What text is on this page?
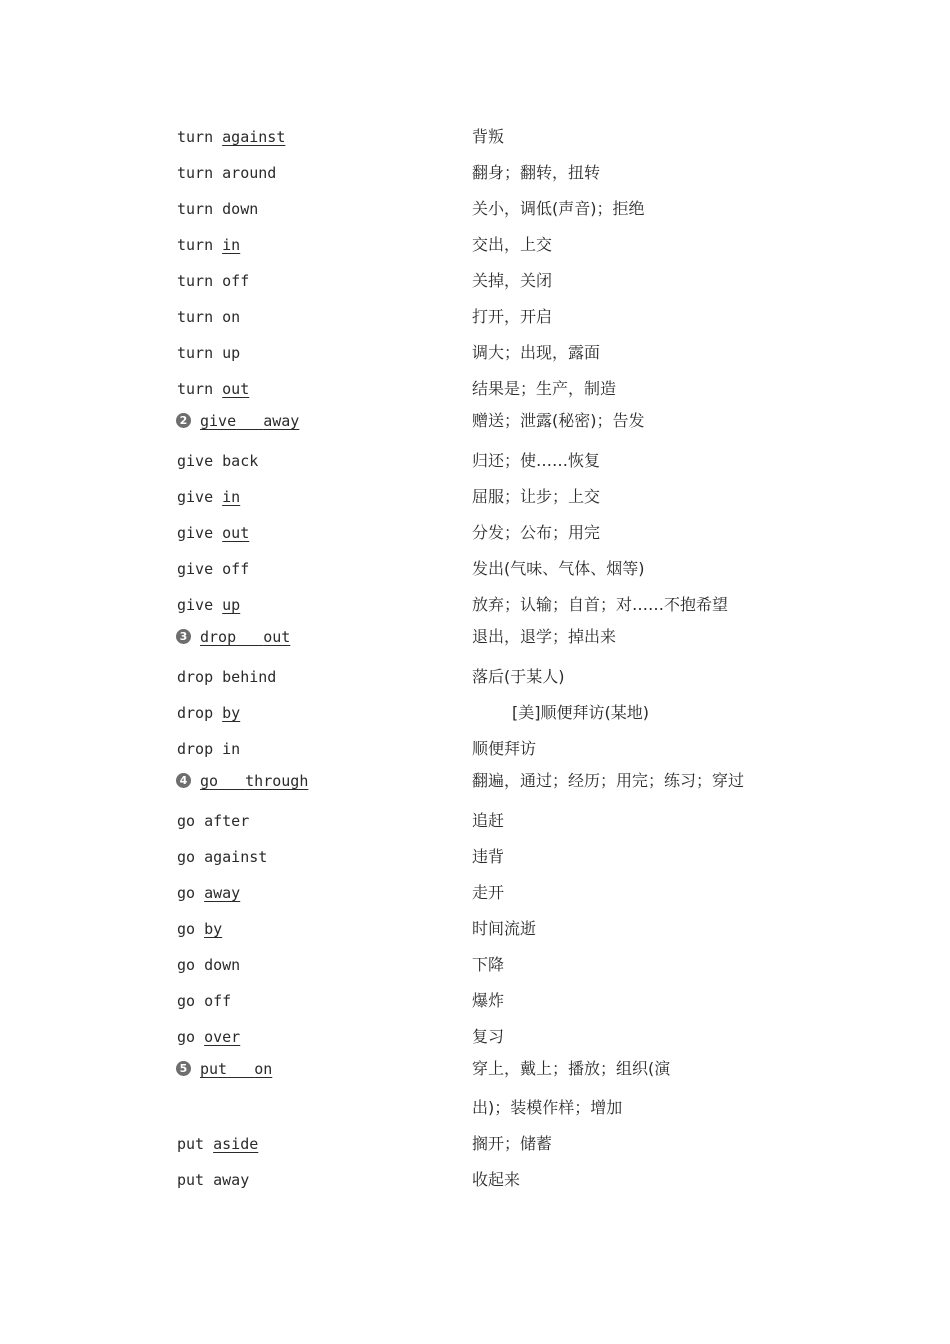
turn against	背叛
turn around	翻身；翻转，扭转
turn down	关小，调低(声音)；拒绝
turn in	交出，上交
turn off	关掉，关闭
turn on	打开，开启
turn up	调大；出现，露面
turn out	结果是；生产，制造
2 give away	赠送；泄露(秘密)；告发
give back	归还；使……恢复
give in	屈服；让步；上交
give out	分发；公布；用完
give off	发出(气味、气体、烟等)
give up	放弃；认输；自首；对……不抱希望
3 drop out	退出，退学；掉出来
drop behind	落后(于某人)
drop by	[美]顺便拜访(某地)
drop in	顺便拜访
4 go through	翻遍，通过；经历；用完；练习；穿过
go after	追赶
go against	违背
go away	走开
go by	时间流逝
go down	下降
go off	爆炸
go over	复习
5 put on	穿上，戴上；播放；组织(演
出)；装模作样；增加
put aside	搁开；储蓄
put away	收起来
